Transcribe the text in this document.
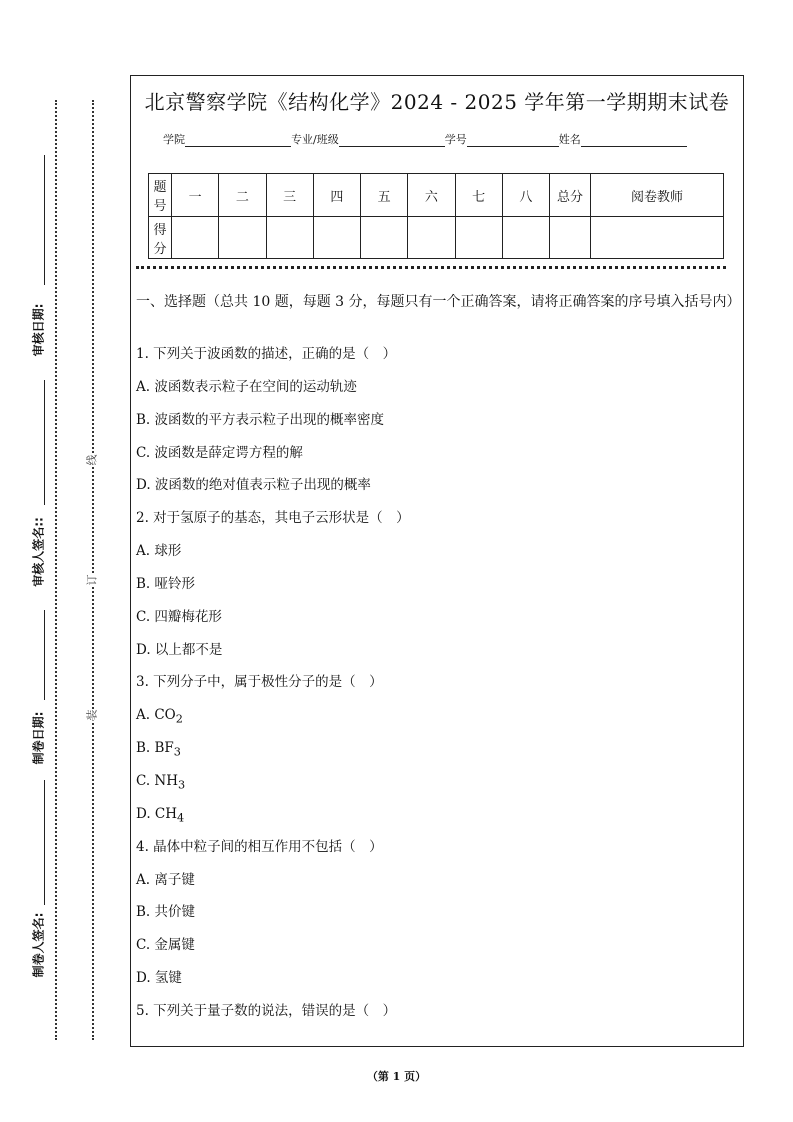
线
订
装
审核日期:
审核人签名::
制卷日期:
制卷人签名:
北京警察学院《结构化学》2024 - 2025 学年第一学期期末试卷
学院	专业/班级	学号	姓名
题号	一	二	三	四	五	六	七	八	总分	阅卷教师
得分										
一、选择题（总共 10 题，每题 3 分，每题只有一个正确答案，请将正确答案的序号填入括号内）
1. 下列关于波函数的描述，正确的是（　）
A. 波函数表示粒子在空间的运动轨迹
B. 波函数的平方表示粒子出现的概率密度
C. 波函数是薛定谔方程的解
D. 波函数的绝对值表示粒子出现的概率
2. 对于氢原子的基态，其电子云形状是（　）
A. 球形
B. 哑铃形
C. 四瓣梅花形
D. 以上都不是
3. 下列分子中，属于极性分子的是（　）
A. $CO_2$
B. $BF_3$
C. $NH_3$
D. $CH_4$
4. 晶体中粒子间的相互作用不包括（　）
A. 离子键
B. 共价键
C. 金属键
D. 氢键
5. 下列关于量子数的说法，错误的是（　）
（第 1 页）
